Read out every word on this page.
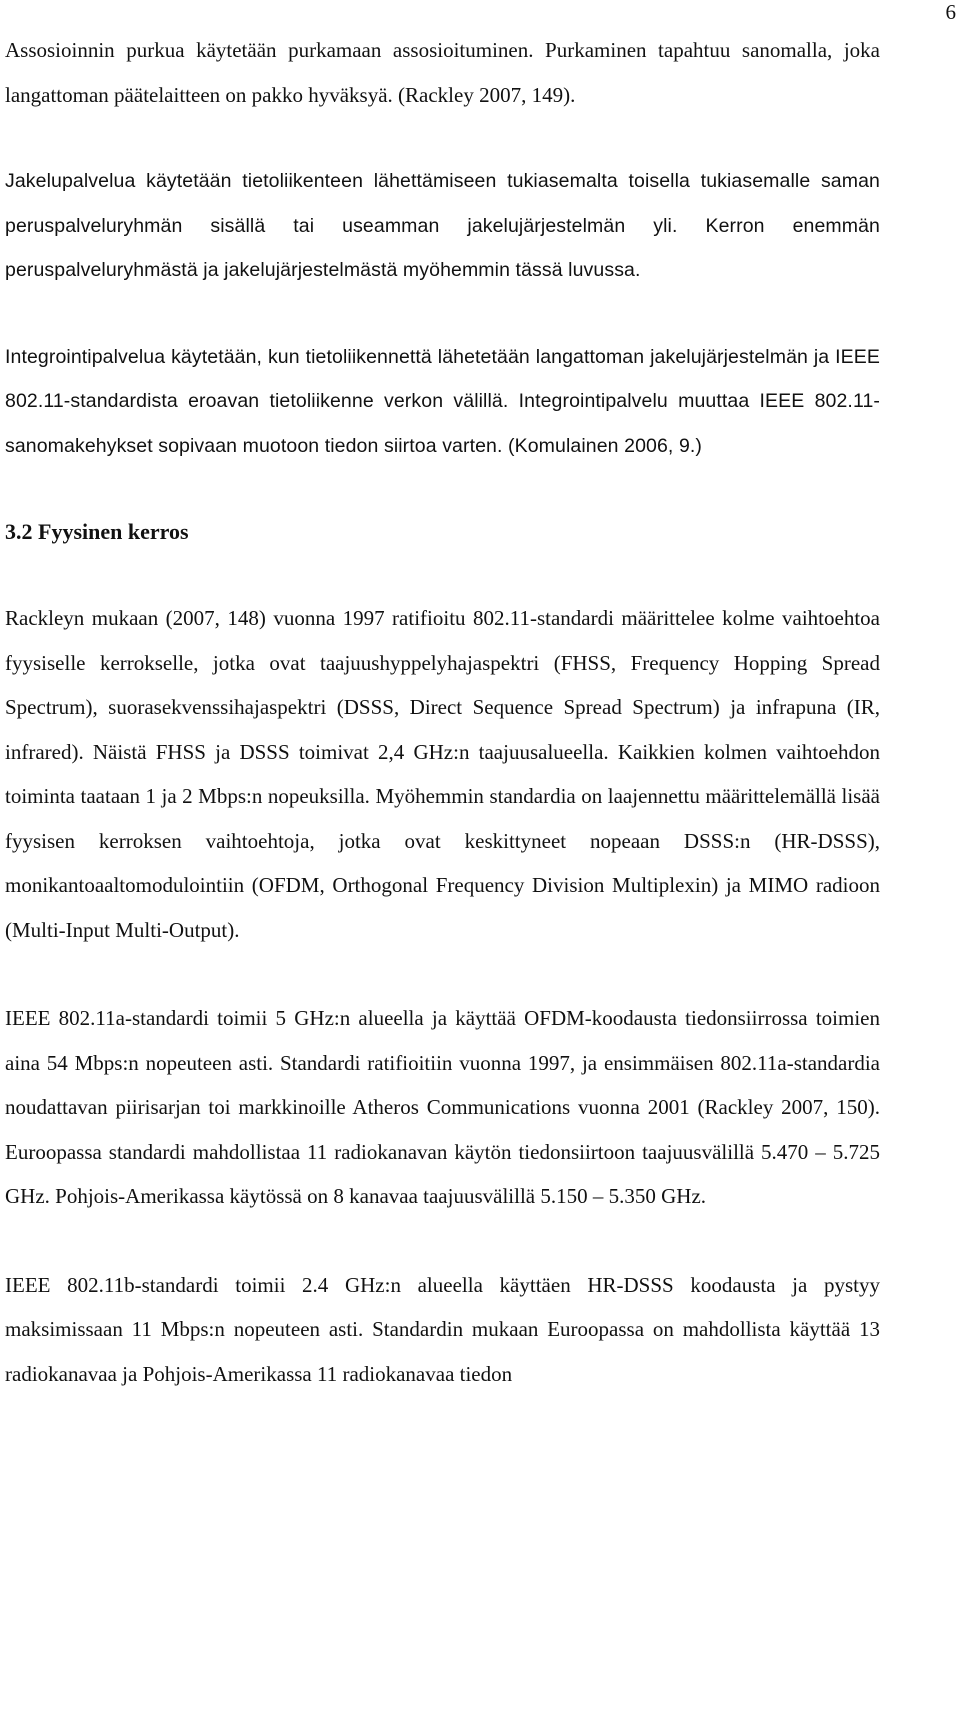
6

Assosioinnin purkua käytetään purkamaan assosioituminen. Purkaminen tapahtuu sanomalla, joka langattoman päätelaitteen on pakko hyväksyä. (Rackley 2007, 149).

Jakelupalvelua käytetään tietoliikenteen lähettämiseen tukiasemalta toisella tukiasemalle saman peruspalveluryhmän sisällä tai useamman jakelujärjestelmän yli. Kerron enemmän peruspalveluryhmästä ja jakelujärjestelmästä myöhemmin tässä luvussa.

Integrointipalvelua käytetään, kun tietoliikennettä lähetetään langattoman jakelujärjestelmän ja IEEE 802.11-standardista eroavan tietoliikenne verkon välillä. Integrointipalvelu muuttaa IEEE 802.11-sanomakehykset sopivaan muotoon tiedon siirtoa varten. (Komulainen 2006, 9.)

3.2 Fyysinen kerros

Rackleyn mukaan (2007, 148) vuonna 1997 ratifioitu 802.11-standardi määrittelee kolme vaihtoehtoa fyysiselle kerrokselle, jotka ovat taajuushyppelyhajaspektri (FHSS, Frequency Hopping Spread Spectrum), suorasekvenssihajaspektri (DSSS, Direct Sequence Spread Spectrum) ja infrapuna (IR, infrared). Näistä FHSS ja DSSS toimivat 2,4 GHz:n taajuusalueella. Kaikkien kolmen vaihtoehdon toiminta taataan 1 ja 2 Mbps:n nopeuksilla. Myöhemmin standardia on laajennettu määrittelemällä lisää fyysisen kerroksen vaihtoehtoja, jotka ovat keskittyneet nopeaan DSSS:n (HR-DSSS), monikantoaaltomodulointiin (OFDM, Orthogonal Frequency Division Multiplexin) ja MIMO radioon (Multi-Input Multi-Output).

IEEE 802.11a-standardi toimii 5 GHz:n alueella ja käyttää OFDM-koodausta tiedonsiirrossa toimien aina 54 Mbps:n nopeuteen asti. Standardi ratifioitiin vuonna 1997, ja ensimmäisen 802.11a-standardia noudattavan piirisarjan toi markkinoille Atheros Communications vuonna 2001 (Rackley 2007, 150). Euroopassa standardi mahdollistaa 11 radiokanavan käytön tiedonsiirtoon taajuusvälillä 5.470 – 5.725 GHz. Pohjois-Amerikassa käytössä on 8 kanavaa taajuusvälillä 5.150 – 5.350 GHz.

IEEE 802.11b-standardi toimii 2.4 GHz:n alueella käyttäen HR-DSSS koodausta ja pystyy maksimissaan 11 Mbps:n nopeuteen asti. Standardin mukaan Euroopassa on mahdollista käyttää 13 radiokanavaa ja Pohjois-Amerikassa 11 radiokanavaa tiedon
